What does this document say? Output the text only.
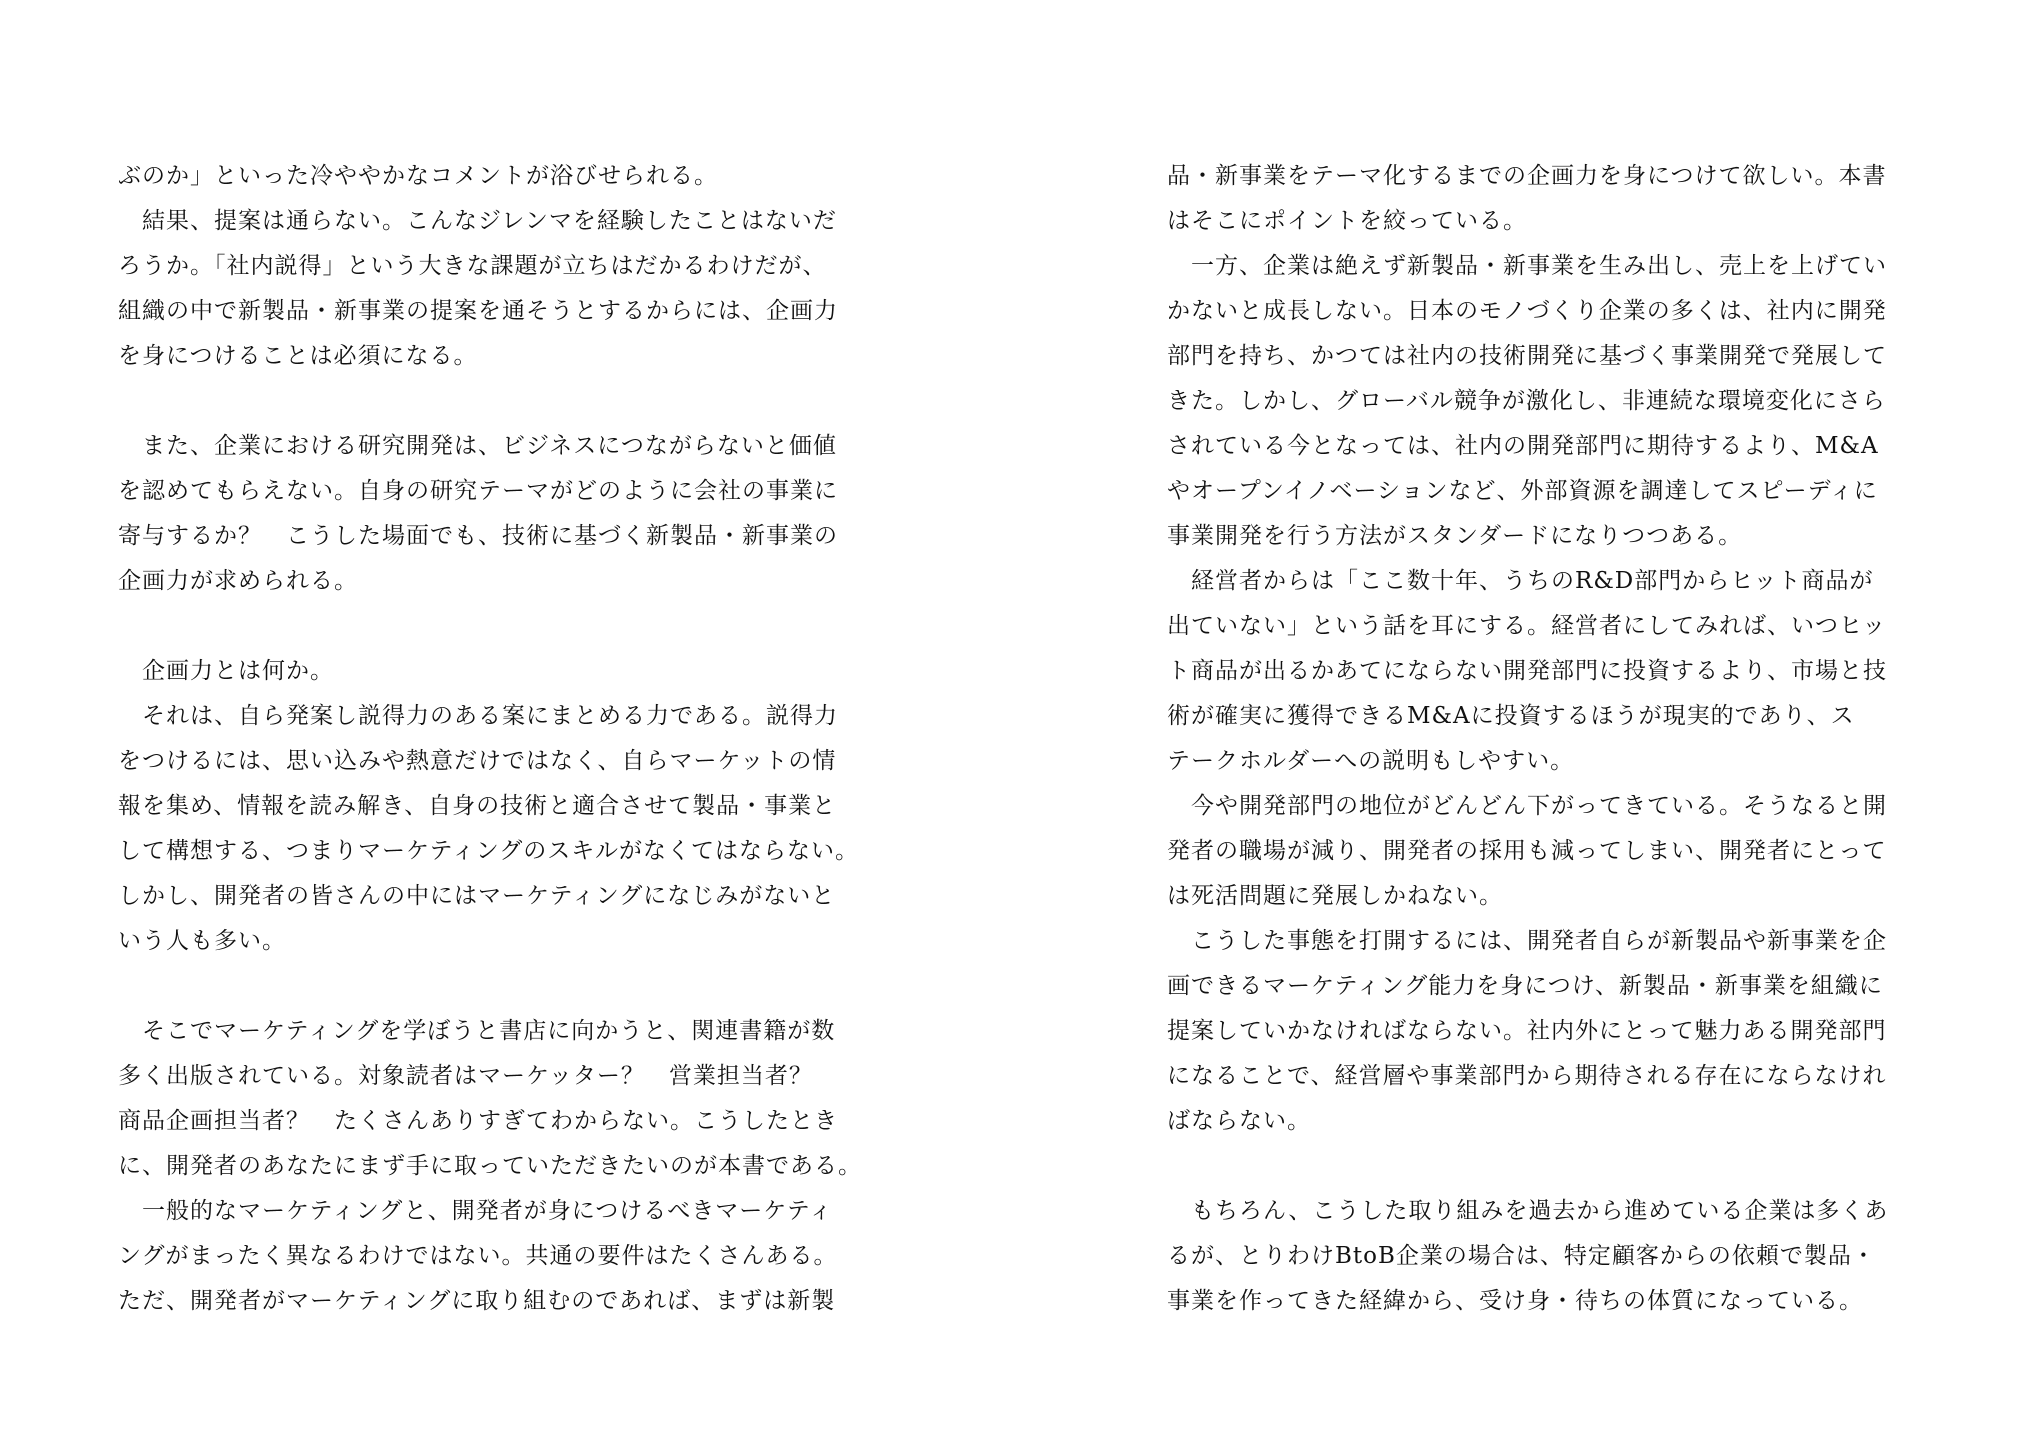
ぶのか」といった冷ややかなコメントが浴びせられる。

　結果、提案は通らない。こんなジレンマを経験したことはないだ

ろうか。「社内説得」という大きな課題が立ちはだかるわけだが、

組織の中で新製品・新事業の提案を通そうとするからには、企画力

を身につけることは必須になる。

　また、企業における研究開発は、ビジネスにつながらないと価値

を認めてもらえない。自身の研究テーマがどのように会社の事業に

寄与するか？　こうした場面でも、技術に基づく新製品・新事業の

企画力が求められる。

　企画力とは何か。

　それは、自ら発案し説得力のある案にまとめる力である。説得力

をつけるには、思い込みや熱意だけではなく、自らマーケットの情

報を集め、情報を読み解き、自身の技術と適合させて製品・事業と

して構想する、つまりマーケティングのスキルがなくてはならない。

しかし、開発者の皆さんの中にはマーケティングになじみがないと

いう人も多い。

　そこでマーケティングを学ぼうと書店に向かうと、関連書籍が数

多く出版されている。対象読者はマーケッター？　営業担当者？

商品企画担当者？　たくさんありすぎてわからない。こうしたとき

に、開発者のあなたにまず手に取っていただきたいのが本書である。

　一般的なマーケティングと、開発者が身につけるべきマーケティ

ングがまったく異なるわけではない。共通の要件はたくさんある。

ただ、開発者がマーケティングに取り組むのであれば、まずは新製

品・新事業をテーマ化するまでの企画力を身につけて欲しい。本書

はそこにポイントを絞っている。

　一方、企業は絶えず新製品・新事業を生み出し、売上を上げてい

かないと成長しない。日本のモノづくり企業の多くは、社内に開発

部門を持ち、かつては社内の技術開発に基づく事業開発で発展して

きた。しかし、グローバル競争が激化し、非連続な環境変化にさら

されている今となっては、社内の開発部門に期待するより、M&A

やオープンイノベーションなど、外部資源を調達してスピーディに

事業開発を行う方法がスタンダードになりつつある。

　経営者からは「ここ数十年、うちのR&D部門からヒット商品が

出ていない」という話を耳にする。経営者にしてみれば、いつヒッ

ト商品が出るかあてにならない開発部門に投資するより、市場と技

術が確実に獲得できるM&Aに投資するほうが現実的であり、ス

テークホルダーへの説明もしやすい。

　今や開発部門の地位がどんどん下がってきている。そうなると開

発者の職場が減り、開発者の採用も減ってしまい、開発者にとって

は死活問題に発展しかねない。

　こうした事態を打開するには、開発者自らが新製品や新事業を企

画できるマーケティング能力を身につけ、新製品・新事業を組織に

提案していかなければならない。社内外にとって魅力ある開発部門

になることで、経営層や事業部門から期待される存在にならなけれ

ばならない。

　もちろん、こうした取り組みを過去から進めている企業は多くあ

るが、とりわけBtoB企業の場合は、特定顧客からの依頼で製品・

事業を作ってきた経緯から、受け身・待ちの体質になっている。
